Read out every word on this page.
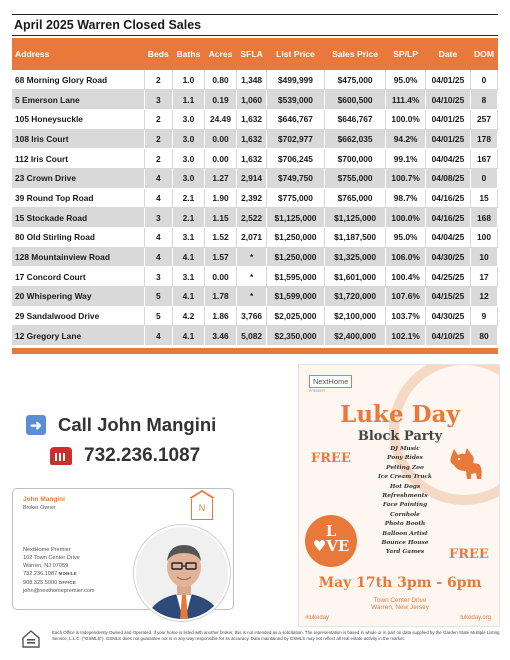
April 2025 Warren Closed Sales
Address	Beds	Baths	Acres	SFLA	List Price	Sales Price	SP/LP	Date	DOM
68 Morning Glory Road	2	1.0	0.80	1,348	$499,999	$475,000	95.0%	04/01/25	0
5 Emerson Lane	3	1.1	0.19	1,060	$539,000	$600,500	111.4%	04/10/25	8
105 Honeysuckle	2	3.0	24.49	1,632	$646,767	$646,767	100.0%	04/01/25	257
108 Iris Court	2	3.0	0.00	1,632	$702,977	$662,035	94.2%	04/01/25	178
112 Iris Court	2	3.0	0.00	1,632	$706,245	$700,000	99.1%	04/04/25	167
23 Crown Drive	4	3.0	1.27	2,914	$749,750	$755,000	100.7%	04/08/25	0
39 Round Top Road	4	2.1	1.90	2,392	$775,000	$765,000	98.7%	04/16/25	15
15 Stockade Road	3	2.1	1.15	2,522	$1,125,000	$1,125,000	100.0%	04/16/25	168
80 Old Stirling Road	4	3.1	1.52	2,071	$1,250,000	$1,187,500	95.0%	04/04/25	100
128 Mountainview Road	4	4.1	1.57	*	$1,250,000	$1,325,000	106.0%	04/30/25	10
17 Concord Court	3	3.1	0.00	*	$1,595,000	$1,601,000	100.4%	04/25/25	17
20 Whispering Way	5	4.1	1.78	*	$1,599,000	$1,720,000	107.6%	04/15/25	12
29 Sandalwood Drive	5	4.2	1.86	3,766	$2,025,000	$2,100,000	103.7%	04/30/25	9
12 Gregory Lane	4	4.1	3.46	5,082	$2,350,000	$2,400,000	102.1%	04/10/25	80
➜ Call John Mangini
732.236.1087
John Mangini
Broker Owner	N
NextHome Premier
102 Town Center Drive
Warren, NJ 07059
732.236.1087 MOBILE
908.325.5000 OFFICE
john@nexthomepremier.com
NextHome
PREMIER
Luke Day
Block Party
FREE
DJ Music
Pony Rides
Petting Zoo
Ice Cream Truck
Hot Dogs
Refreshments
Face Painting
Cornhole
Photo Booth
Balloon Artist
Bounce House
Yard Games
L
♥VE	FREE
May 17th 3pm - 6pm
Town Center Drive
Warren, New Jersey
#lukeday	lukeday.org
Each Office is Independently Owned and Operated. If your home is listed with another broker, this is not intended as a solicitation. The representation is based in whole or in part on data supplied by the Garden State Multiple Listing Service, L.L.C. ("GSMLS"). GSMLS does not guarantee nor is in any way responsible for its accuracy. Data maintained by GSMLS may not reflect all real estate activity in the market.
